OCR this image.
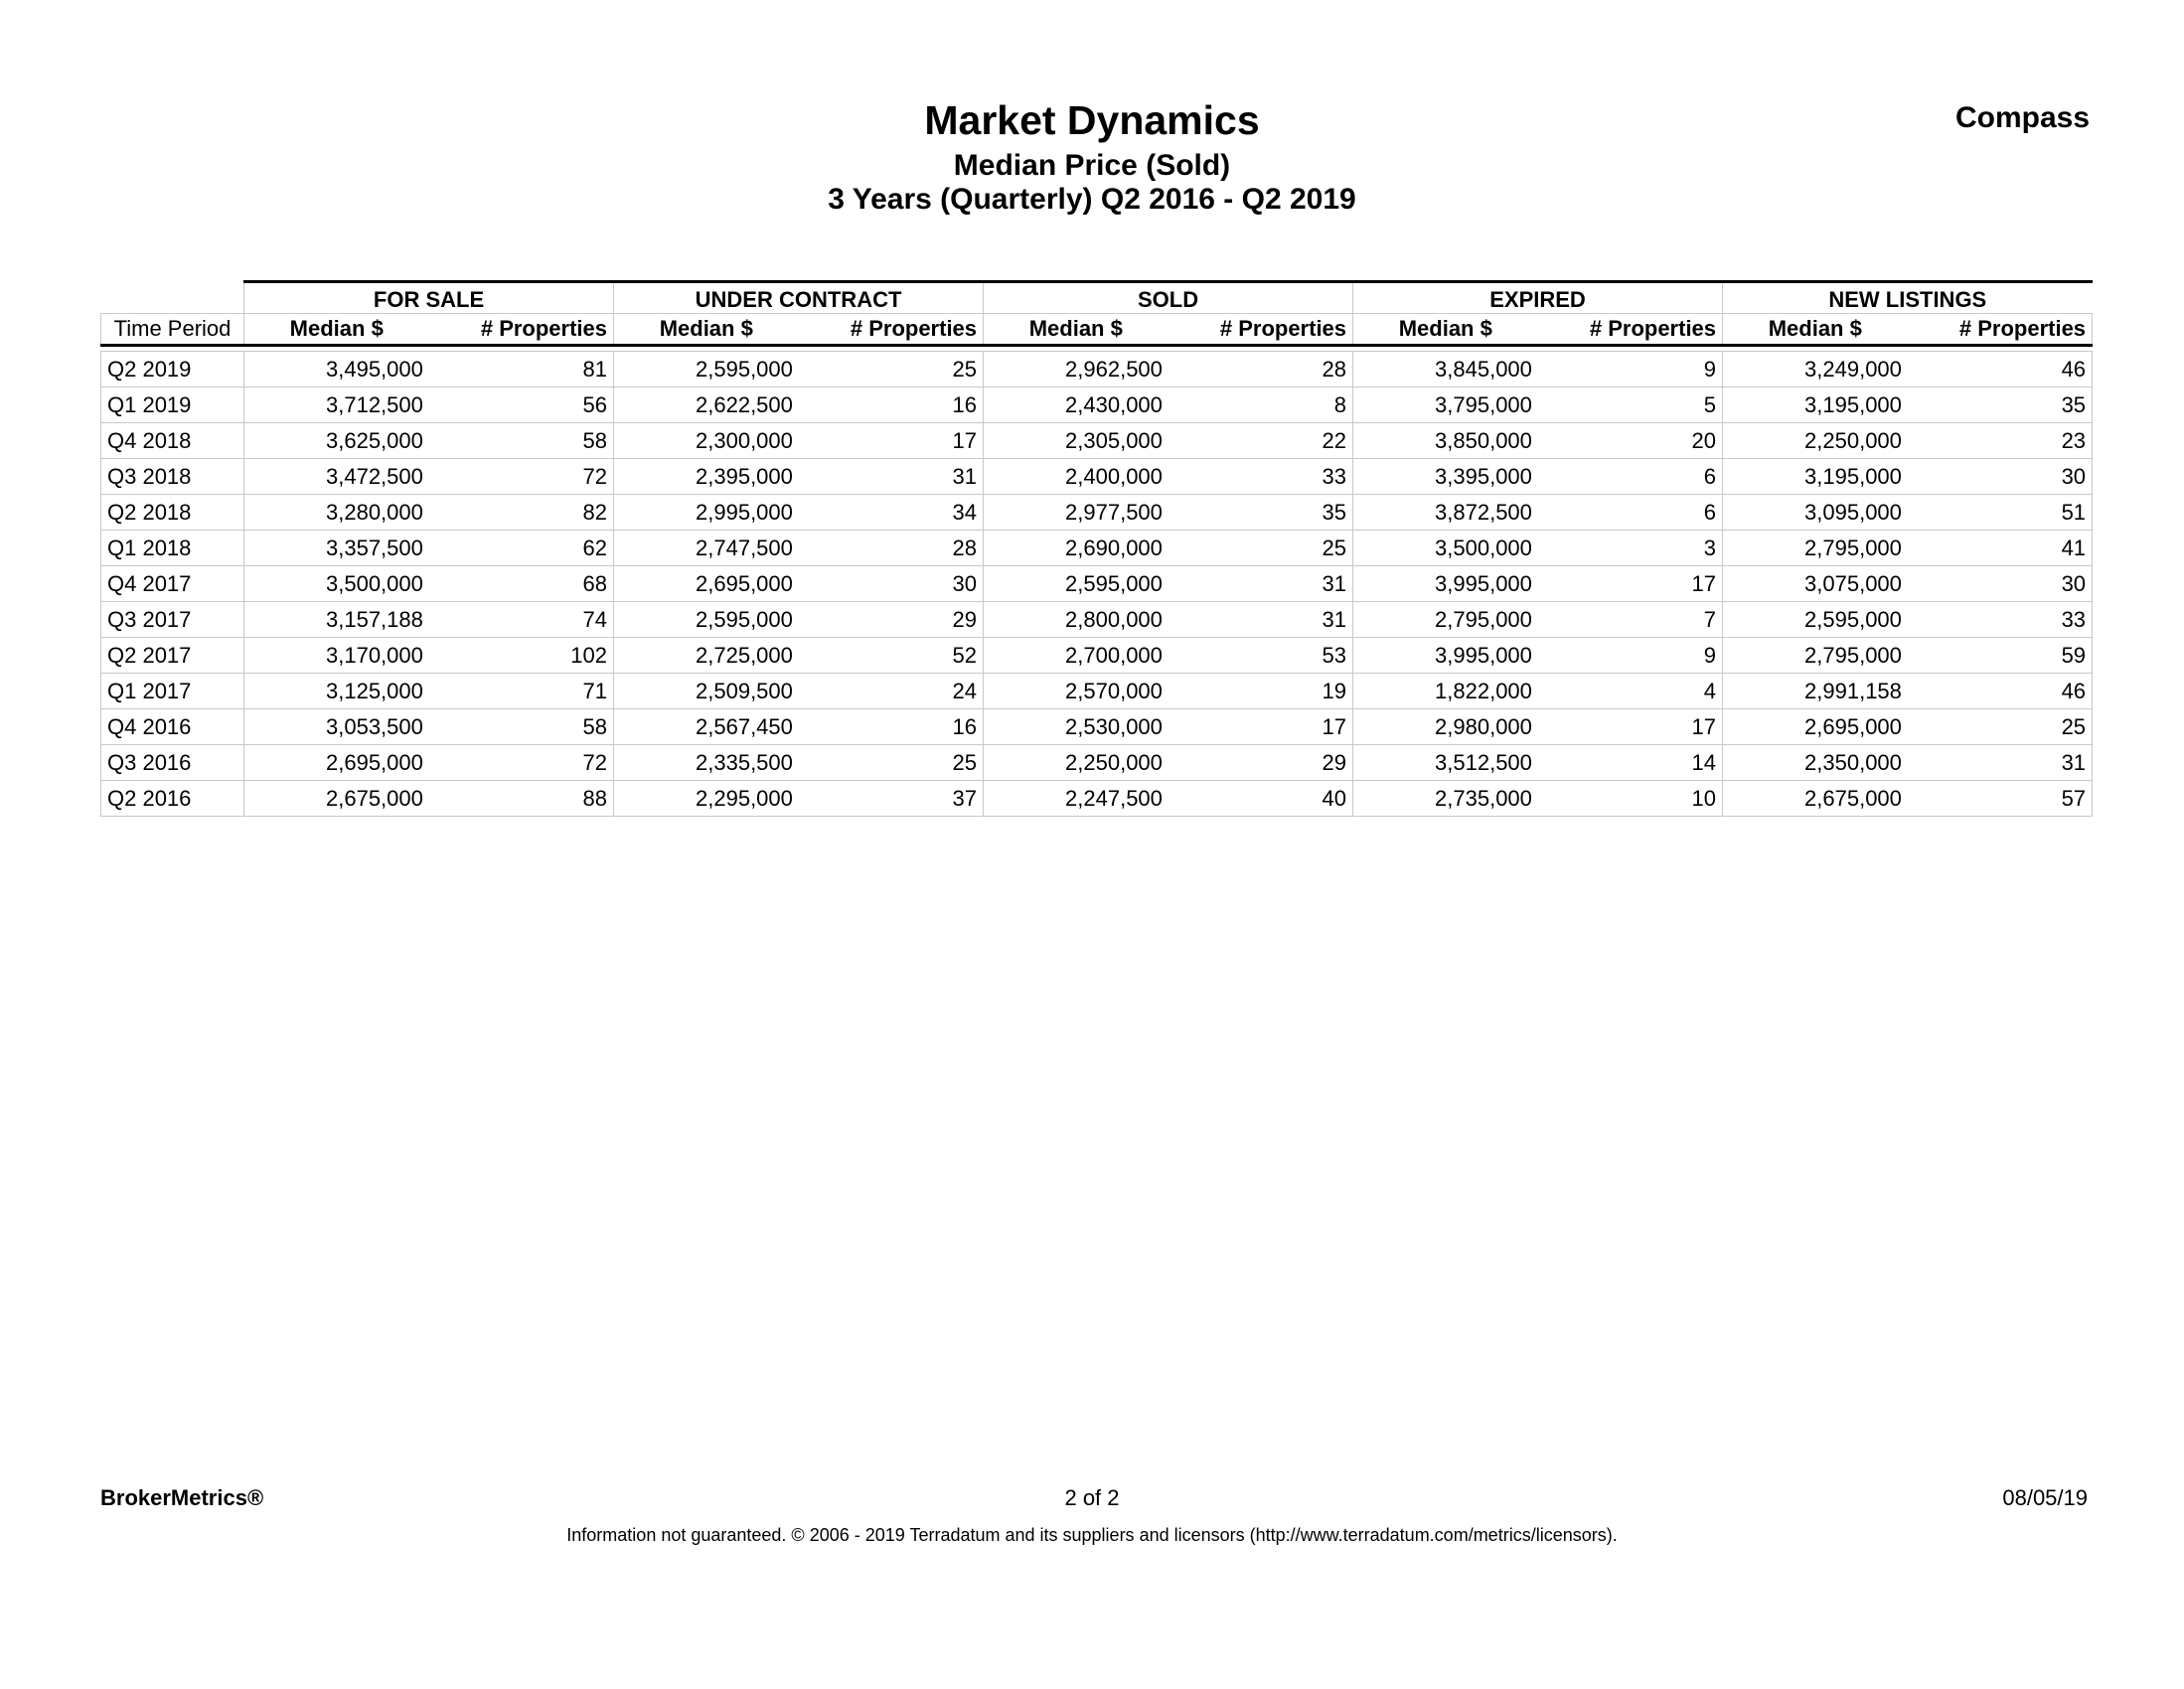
Market Dynamics
Median Price (Sold)
3 Years (Quarterly) Q2 2016 - Q2 2019
Compass
	FOR SALE		UNDER CONTRACT		SOLD		EXPIRED		NEW LISTINGS	
Time Period	Median $	# Properties	Median $	# Properties	Median $	# Properties	Median $	# Properties	Median $	# Properties

Q2 2019	3,495,000	81	2,595,000	25	2,962,500	28	3,845,000	9	3,249,000	46
Q1 2019	3,712,500	56	2,622,500	16	2,430,000	8	3,795,000	5	3,195,000	35
Q4 2018	3,625,000	58	2,300,000	17	2,305,000	22	3,850,000	20	2,250,000	23
Q3 2018	3,472,500	72	2,395,000	31	2,400,000	33	3,395,000	6	3,195,000	30
Q2 2018	3,280,000	82	2,995,000	34	2,977,500	35	3,872,500	6	3,095,000	51
Q1 2018	3,357,500	62	2,747,500	28	2,690,000	25	3,500,000	3	2,795,000	41
Q4 2017	3,500,000	68	2,695,000	30	2,595,000	31	3,995,000	17	3,075,000	30
Q3 2017	3,157,188	74	2,595,000	29	2,800,000	31	2,795,000	7	2,595,000	33
Q2 2017	3,170,000	102	2,725,000	52	2,700,000	53	3,995,000	9	2,795,000	59
Q1 2017	3,125,000	71	2,509,500	24	2,570,000	19	1,822,000	4	2,991,158	46
Q4 2016	3,053,500	58	2,567,450	16	2,530,000	17	2,980,000	17	2,695,000	25
Q3 2016	2,695,000	72	2,335,500	25	2,250,000	29	3,512,500	14	2,350,000	31
Q2 2016	2,675,000	88	2,295,000	37	2,247,500	40	2,735,000	10	2,675,000	57
BrokerMetrics®	2 of 2	08/05/19
Information not guaranteed. © 2006 - 2019 Terradatum and its suppliers and licensors (http://www.terradatum.com/metrics/licensors).
